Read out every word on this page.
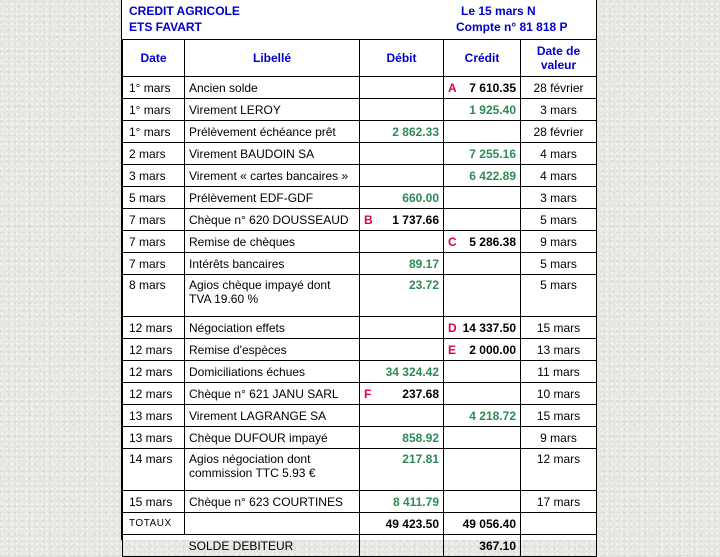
CREDIT AGRICOLE
ETS FAVART
Le 15 mars N
Compte n° 81 818 P
Date	Libellé	Débit	Crédit	Date de valeur
1° mars	Ancien solde		A 7 610.35	28 février
1° mars	Virement LEROY		1 925.40	3 mars
1° mars	Prélèvement échéance prêt	2 862.33		28 février
2 mars	Virement BAUDOIN SA		7 255.16	4 mars
3 mars	Virement « cartes bancaires »		6 422.89	4 mars
5 mars	Prélèvement EDF-GDF	660.00		3 mars
7 mars	Chèque n° 620 DOUSSEAUD	B 1 737.66		5 mars
7 mars	Remise de chèques		C 5 286.38	9 mars
7 mars	Intérêts bancaires	89.17		5 mars
8 mars	Agios chèque impayé dont TVA 19.60 %	23.72		5 mars
12 mars	Négociation effets		D 14 337.50	15 mars
12 mars	Remise d'espèces		E 2 000.00	13 mars
12 mars	Domiciliations échues	34 324.42		11 mars
12 mars	Chèque n° 621 JANU SARL	F 237.68		10 mars
13 mars	Virement LAGRANGE SA		4 218.72	15 mars
13 mars	Chèque DUFOUR impayé	858.92		9 mars
14 mars	Agios négociation dont commission TTC 5.93 €	217.81		12 mars
15 mars	Chèque n° 623 COURTINES	8 411.79		17 mars
TOTAUX		49 423.50	49 056.40	
SOLDE DEBITEUR			367.10	
